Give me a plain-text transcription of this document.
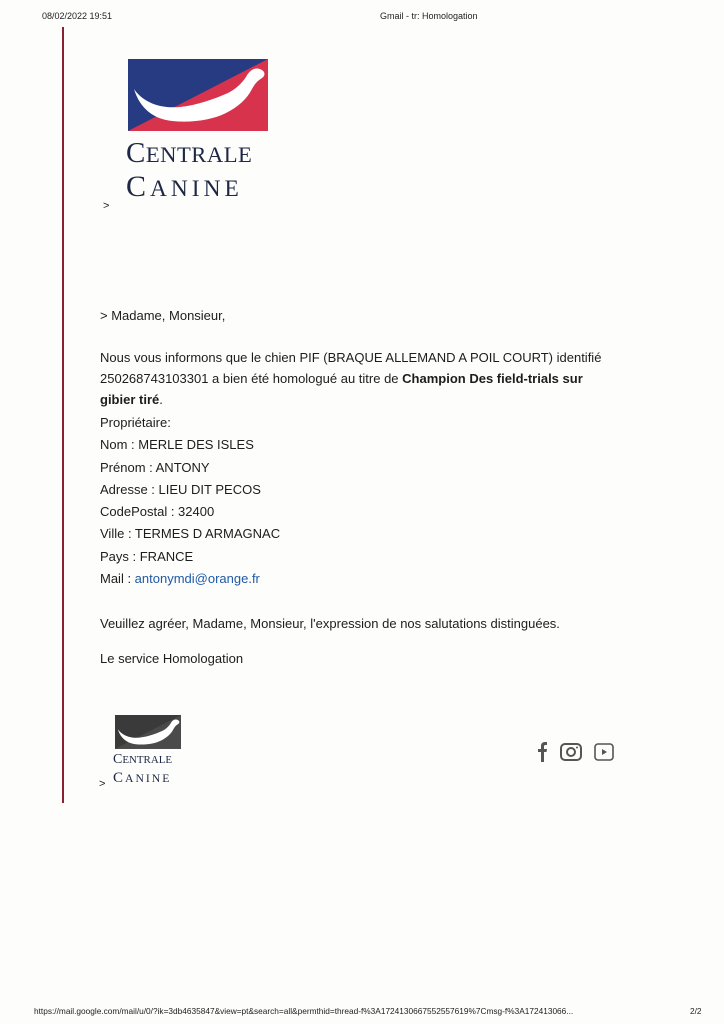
08/02/2022 19:51	Gmail - tr: Homologation
CENTRALE
CANINE
>

> Madame, Monsieur,

Nous vous informons que le chien PIF (BRAQUE ALLEMAND A POIL COURT) identifié 250268743103301 a bien été homologué au titre de Champion Des field-trials sur gibier tiré.

Propriétaire:

Nom : MERLE DES ISLES

Prénom : ANTONY

Adresse : LIEU DIT PECOS

CodePostal : 32400

Ville : TERMES D ARMAGNAC

Pays : FRANCE

Mail : antonymdi@orange.fr

Veuillez agréer, Madame, Monsieur, l'expression de nos salutations distinguées.

Le service Homologation

CENTRALE
CANINE
>
https://mail.google.com/mail/u/0/?ik=3db4635847&view=pt&search=all&permthid=thread-f%3A1724130667552557619%7Cmsg-f%3A172413066...	2/2
